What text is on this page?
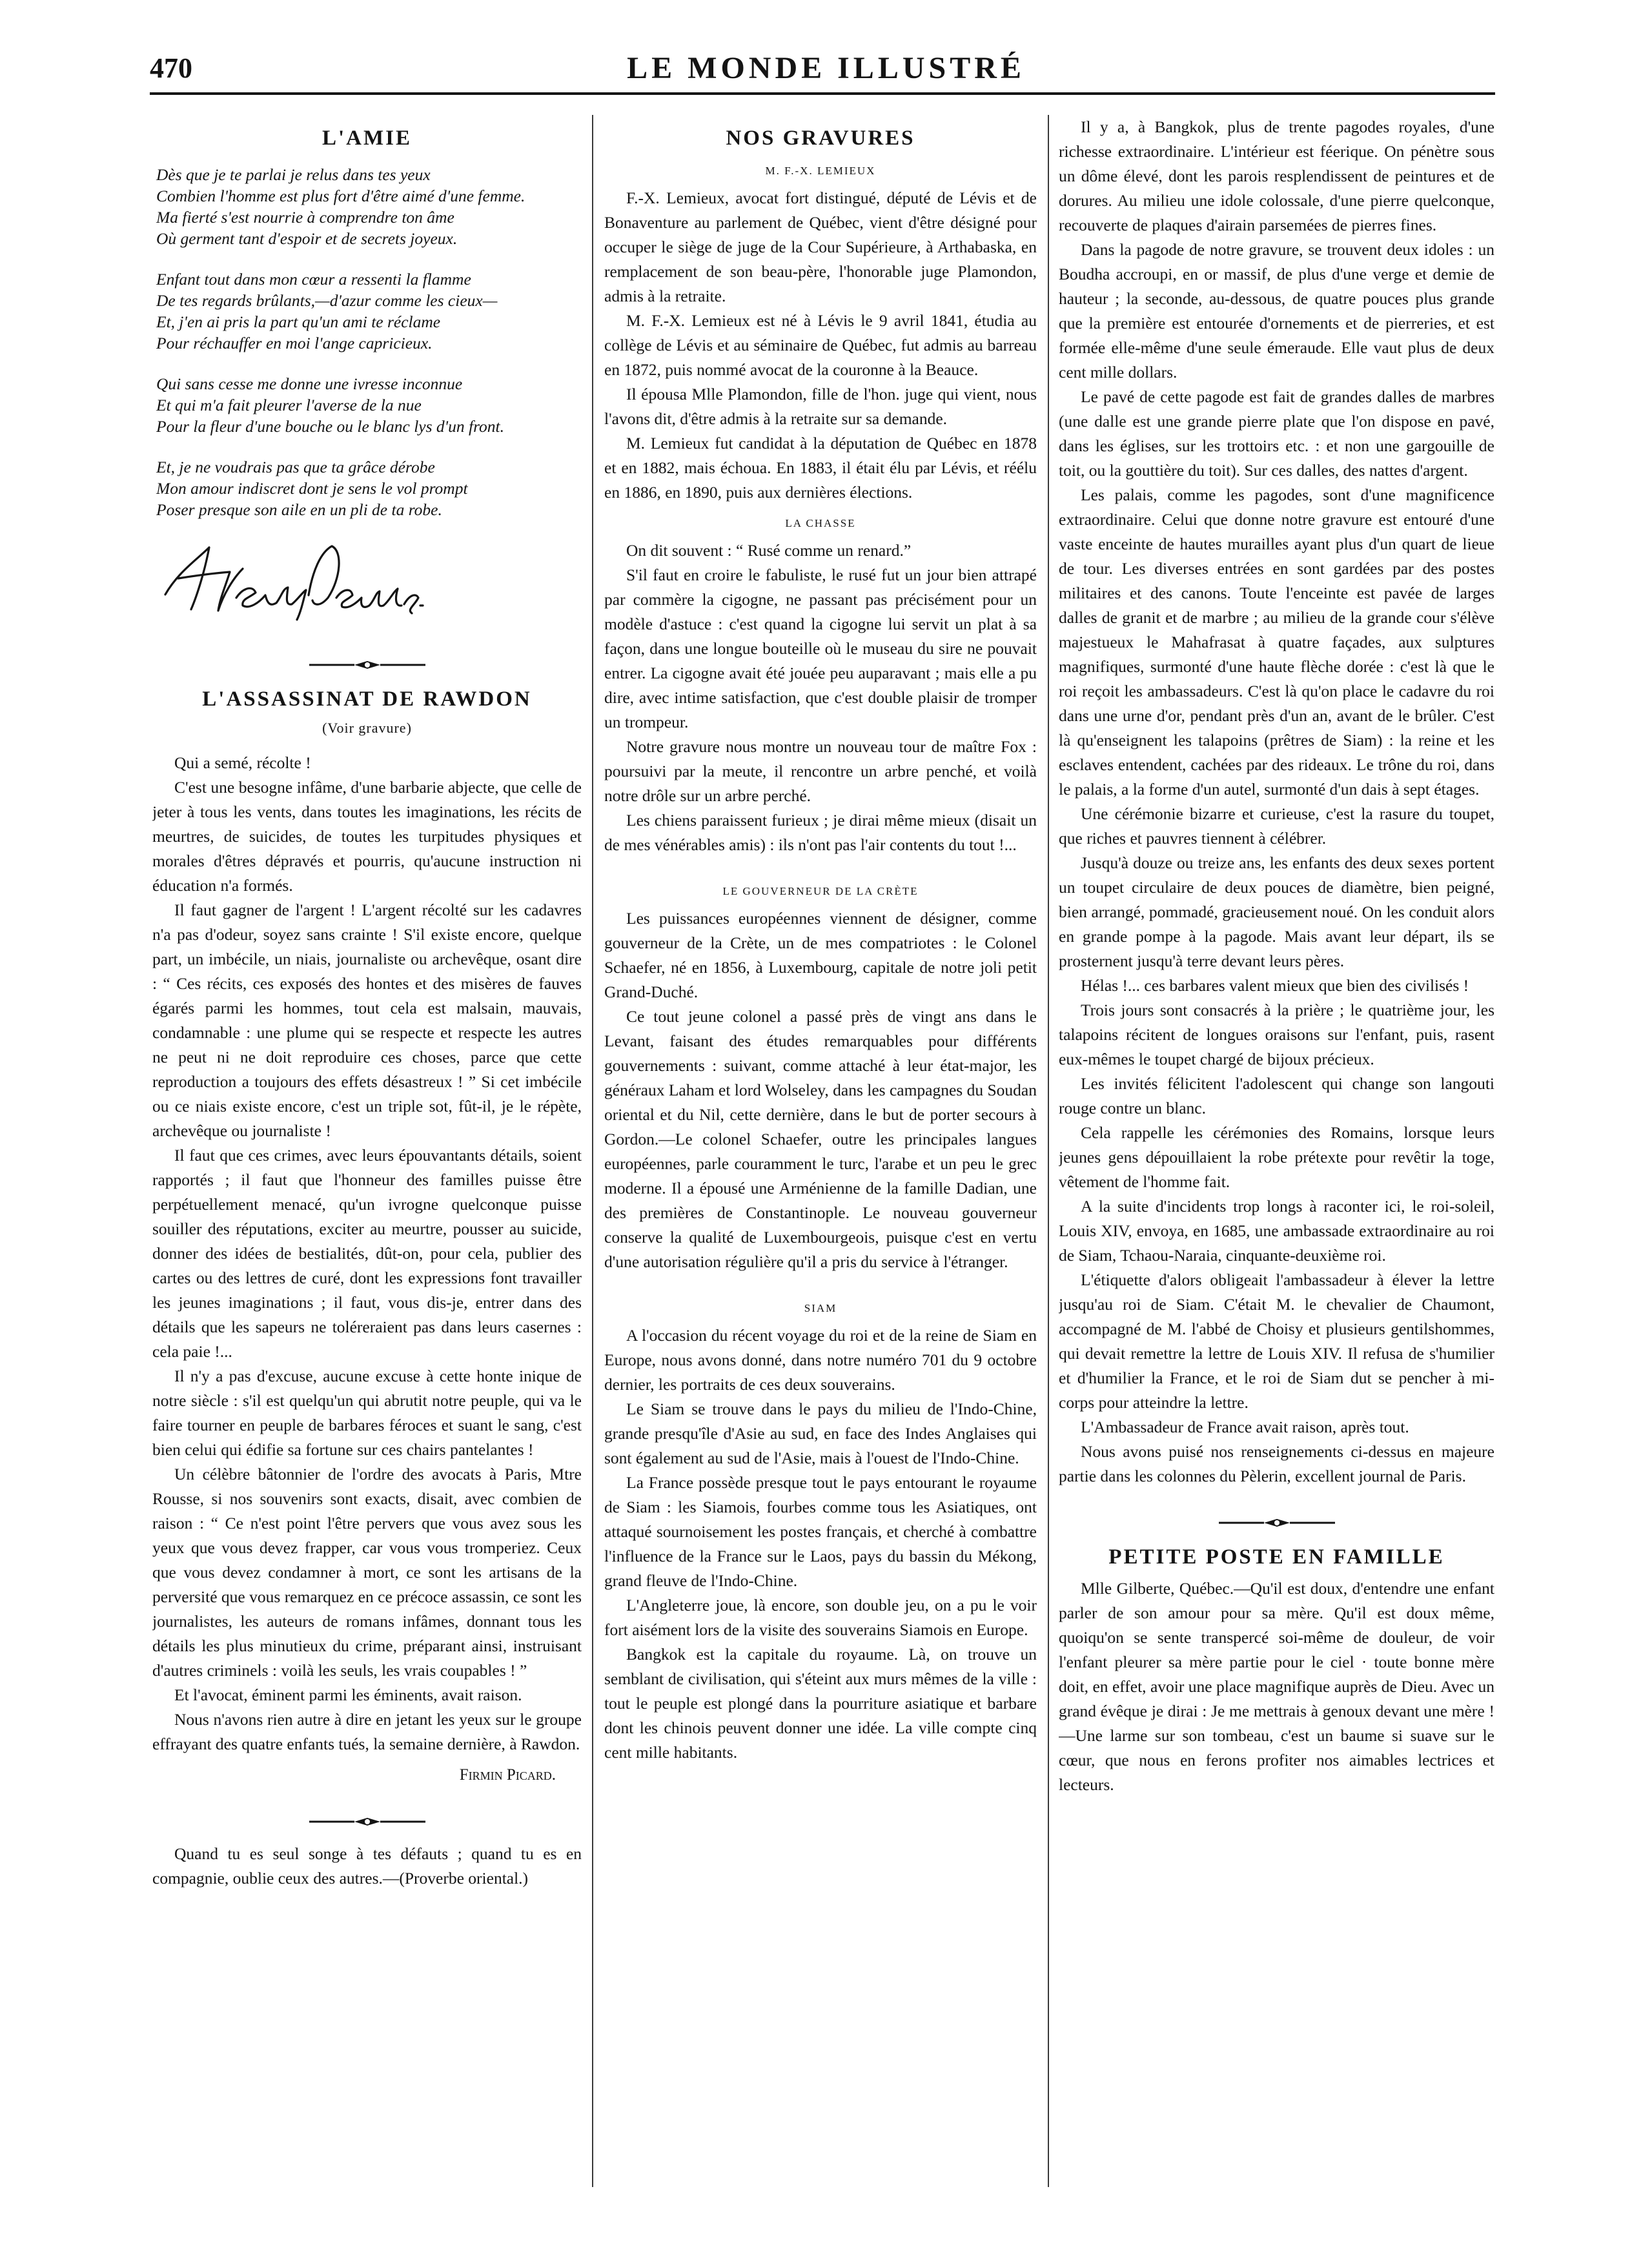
470	LE MONDE ILLUSTRÉ
L'AMIE
Dès que je te parlai je relus dans tes yeux
Combien l'homme est plus fort d'être aimé d'une femme.
Ma fierté s'est nourrie à comprendre ton âme
Où germent tant d'espoir et de secrets joyeux.
Enfant tout dans mon cœur a ressenti la flamme
De tes regards brûlants,—d'azur comme les cieux—
Et, j'en ai pris la part qu'un ami te réclame
Pour réchauffer en moi l'ange capricieux.
Qui sans cesse me donne une ivresse inconnue
Et qui m'a fait pleurer l'averse de la nue
Pour la fleur d'une bouche ou le blanc lys d'un front.
Et, je ne voudrais pas que ta grâce dérobe
Mon amour indiscret dont je sens le vol prompt
Poser presque son aile en un pli de ta robe.
L'ASSASSINAT DE RAWDON
(Voir gravure)

Qui a semé, récolte !

C'est une besogne infâme, d'une barbarie abjecte, que celle de jeter à tous les vents, dans toutes les imaginations, les récits de meurtres, de suicides, de toutes les turpitudes physiques et morales d'êtres dépravés et pourris, qu'aucune instruction ni éducation n'a formés.

Il faut gagner de l'argent ! L'argent récolté sur les cadavres n'a pas d'odeur, soyez sans crainte ! S'il existe encore, quelque part, un imbécile, un niais, journaliste ou archevêque, osant dire : “ Ces récits, ces exposés des hontes et des misères de fauves égarés parmi les hommes, tout cela est malsain, mauvais, condamnable : une plume qui se respecte et respecte les autres ne peut ni ne doit reproduire ces choses, parce que cette reproduction a toujours des effets désastreux ! ” Si cet imbécile ou ce niais existe encore, c'est un triple sot, fût-il, je le répète, archevêque ou journaliste !

Il faut que ces crimes, avec leurs épouvantants détails, soient rapportés ; il faut que l'honneur des familles puisse être perpétuellement menacé, qu'un ivrogne quelconque puisse souiller des réputations, exciter au meurtre, pousser au suicide, donner des idées de bestialités, dût-on, pour cela, publier des cartes ou des lettres de curé, dont les expressions font travailler les jeunes imaginations ; il faut, vous dis-je, entrer dans des détails que les sapeurs ne toléreraient pas dans leurs casernes : cela paie !...

Il n'y a pas d'excuse, aucune excuse à cette honte inique de notre siècle : s'il est quelqu'un qui abrutit notre peuple, qui va le faire tourner en peuple de barbares féroces et suant le sang, c'est bien celui qui édifie sa fortune sur ces chairs pantelantes !

Un célèbre bâtonnier de l'ordre des avocats à Paris, Mtre Rousse, si nos souvenirs sont exacts, disait, avec combien de raison : “ Ce n'est point l'être pervers que vous avez sous les yeux que vous devez frapper, car vous vous tromperiez. Ceux que vous devez condamner à mort, ce sont les artisans de la perversité que vous remarquez en ce précoce assassin, ce sont les journalistes, les auteurs de romans infâmes, donnant tous les détails les plus minutieux du crime, préparant ainsi, instruisant d'autres criminels : voilà les seuls, les vrais coupables ! ”

Et l'avocat, éminent parmi les éminents, avait raison.

Nous n'avons rien autre à dire en jetant les yeux sur le groupe effrayant des quatre enfants tués, la semaine dernière, à Rawdon.

Firmin Picard.

Quand tu es seul songe à tes défauts ; quand tu es en compagnie, oublie ceux des autres.—(Proverbe oriental.)

NOS GRAVURES
M. F.-X. LEMIEUX

F.-X. Lemieux, avocat fort distingué, député de Lévis et de Bonaventure au parlement de Québec, vient d'être désigné pour occuper le siège de juge de la Cour Supérieure, à Arthabaska, en remplacement de son beau-père, l'honorable juge Plamondon, admis à la retraite.

M. F.-X. Lemieux est né à Lévis le 9 avril 1841, étudia au collège de Lévis et au séminaire de Québec, fut admis au barreau en 1872, puis nommé avocat de la couronne à la Beauce.

Il épousa Mlle Plamondon, fille de l'hon. juge qui vient, nous l'avons dit, d'être admis à la retraite sur sa demande.

M. Lemieux fut candidat à la députation de Québec en 1878 et en 1882, mais échoua. En 1883, il était élu par Lévis, et réélu en 1886, en 1890, puis aux dernières élections.

LA CHASSE

On dit souvent : “ Rusé comme un renard.”

S'il faut en croire le fabuliste, le rusé fut un jour bien attrapé par commère la cigogne, ne passant pas précisément pour un modèle d'astuce : c'est quand la cigogne lui servit un plat à sa façon, dans une longue bouteille où le museau du sire ne pouvait entrer. La cigogne avait été jouée peu auparavant ; mais elle a pu dire, avec intime satisfaction, que c'est double plaisir de tromper un trompeur.

Notre gravure nous montre un nouveau tour de maître Fox : poursuivi par la meute, il rencontre un arbre penché, et voilà notre drôle sur un arbre perché.

Les chiens paraissent furieux ; je dirai même mieux (disait un de mes vénérables amis) : ils n'ont pas l'air contents du tout !...

LE GOUVERNEUR DE LA CRÈTE

Les puissances européennes viennent de désigner, comme gouverneur de la Crète, un de mes compatriotes : le Colonel Schaefer, né en 1856, à Luxembourg, capitale de notre joli petit Grand-Duché.

Ce tout jeune colonel a passé près de vingt ans dans le Levant, faisant des études remarquables pour différents gouvernements : suivant, comme attaché à leur état-major, les généraux Laham et lord Wolseley, dans les campagnes du Soudan oriental et du Nil, cette dernière, dans le but de porter secours à Gordon.—Le colonel Schaefer, outre les principales langues européennes, parle couramment le turc, l'arabe et un peu le grec moderne. Il a épousé une Arménienne de la famille Dadian, une des premières de Constantinople. Le nouveau gouverneur conserve la qualité de Luxembourgeois, puisque c'est en vertu d'une autorisation régulière qu'il a pris du service à l'étranger.

SIAM

A l'occasion du récent voyage du roi et de la reine de Siam en Europe, nous avons donné, dans notre numéro 701 du 9 octobre dernier, les portraits de ces deux souverains.

Le Siam se trouve dans le pays du milieu de l'Indo-Chine, grande presqu'île d'Asie au sud, en face des Indes Anglaises qui sont également au sud de l'Asie, mais à l'ouest de l'Indo-Chine.

La France possède presque tout le pays entourant le royaume de Siam : les Siamois, fourbes comme tous les Asiatiques, ont attaqué sournoisement les postes français, et cherché à combattre l'influence de la France sur le Laos, pays du bassin du Mékong, grand fleuve de l'Indo-Chine.

L'Angleterre joue, là encore, son double jeu, on a pu le voir fort aisément lors de la visite des souverains Siamois en Europe.

Bangkok est la capitale du royaume. Là, on trouve un semblant de civilisation, qui s'éteint aux murs mêmes de la ville : tout le peuple est plongé dans la pourriture asiatique et barbare dont les chinois peuvent donner une idée. La ville compte cinq cent mille habitants.

Il y a, à Bangkok, plus de trente pagodes royales, d'une richesse extraordinaire. L'intérieur est féerique. On pénètre sous un dôme élevé, dont les parois resplendissent de peintures et de dorures. Au milieu une idole colossale, d'une pierre quelconque, recouverte de plaques d'airain parsemées de pierres fines.

Dans la pagode de notre gravure, se trouvent deux idoles : un Boudha accroupi, en or massif, de plus d'une verge et demie de hauteur ; la seconde, au-dessous, de quatre pouces plus grande que la première est entourée d'ornements et de pierreries, et est formée elle-même d'une seule émeraude. Elle vaut plus de deux cent mille dollars.

Le pavé de cette pagode est fait de grandes dalles de marbres (une dalle est une grande pierre plate que l'on dispose en pavé, dans les églises, sur les trottoirs etc. : et non une gargouille de toit, ou la gouttière du toit). Sur ces dalles, des nattes d'argent.

Les palais, comme les pagodes, sont d'une magnificence extraordinaire. Celui que donne notre gravure est entouré d'une vaste enceinte de hautes murailles ayant plus d'un quart de lieue de tour. Les diverses entrées en sont gardées par des postes militaires et des canons. Toute l'enceinte est pavée de larges dalles de granit et de marbre ; au milieu de la grande cour s'élève majestueux le Mahafrasat à quatre façades, aux sulptures magnifiques, surmonté d'une haute flèche dorée : c'est là que le roi reçoit les ambassadeurs. C'est là qu'on place le cadavre du roi dans une urne d'or, pendant près d'un an, avant de le brûler. C'est là qu'enseignent les talapoins (prêtres de Siam) : la reine et les esclaves entendent, cachées par des rideaux. Le trône du roi, dans le palais, a la forme d'un autel, surmonté d'un dais à sept étages.

Une cérémonie bizarre et curieuse, c'est la rasure du toupet, que riches et pauvres tiennent à célébrer.

Jusqu'à douze ou treize ans, les enfants des deux sexes portent un toupet circulaire de deux pouces de diamètre, bien peigné, bien arrangé, pommadé, gracieusement noué. On les conduit alors en grande pompe à la pagode. Mais avant leur départ, ils se prosternent jusqu'à terre devant leurs pères.

Hélas !... ces barbares valent mieux que bien des civilisés !

Trois jours sont consacrés à la prière ; le quatrième jour, les talapoins récitent de longues oraisons sur l'enfant, puis, rasent eux-mêmes le toupet chargé de bijoux précieux.

Les invités félicitent l'adolescent qui change son langouti rouge contre un blanc.

Cela rappelle les cérémonies des Romains, lorsque leurs jeunes gens dépouillaient la robe prétexte pour revêtir la toge, vêtement de l'homme fait.

A la suite d'incidents trop longs à raconter ici, le roi-soleil, Louis XIV, envoya, en 1685, une ambassade extraordinaire au roi de Siam, Tchaou-Naraia, cinquante-deuxième roi.

L'étiquette d'alors obligeait l'ambassadeur à élever la lettre jusqu'au roi de Siam. C'était M. le chevalier de Chaumont, accompagné de M. l'abbé de Choisy et plusieurs gentilshommes, qui devait remettre la lettre de Louis XIV. Il refusa de s'humilier et d'humilier la France, et le roi de Siam dut se pencher à mi-corps pour atteindre la lettre.

L'Ambassadeur de France avait raison, après tout.

Nous avons puisé nos renseignements ci-dessus en majeure partie dans les colonnes du Pèlerin, excellent journal de Paris.

PETITE POSTE EN FAMILLE

Mlle Gilberte, Québec.—Qu'il est doux, d'entendre une enfant parler de son amour pour sa mère. Qu'il est doux même, quoiqu'on se sente transpercé soi-même de douleur, de voir l'enfant pleurer sa mère partie pour le ciel · toute bonne mère doit, en effet, avoir une place magnifique auprès de Dieu. Avec un grand évêque je dirai : Je me mettrais à genoux devant une mère !—Une larme sur son tombeau, c'est un baume si suave sur le cœur, que nous en ferons profiter nos aimables lectrices et lecteurs.
